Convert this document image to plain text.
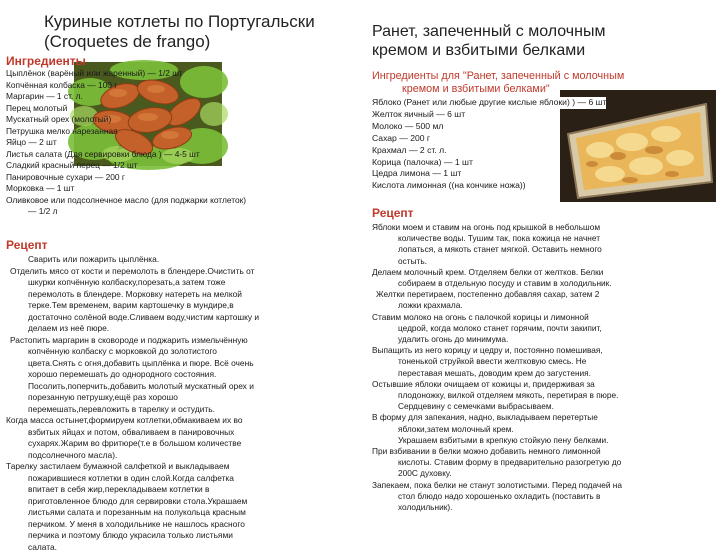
Куриные котлеты по Португальски
(Croquetes de frango)
Ингредиенты
Цыплёнок (варёный или жаренный) — 1/2 шт
Копчённая колбаска — 100 г
Маргарин — 1 ст. л.
Перец молотый
Мускатный орех (молотый)
Петрушка мелко нарезанная
Яйцо — 2 шт
Листья салата (Для сервировки блюда ) — 4-5 шт
Сладкий красный перец — 1/2 шт
Панировочные сухари — 200 г
Морковка — 1 шт
Оливковое или подсолнечное масло (для поджарки котлеток)
— 1/2 л
Рецепт
Сварить или пожарить цыплёнка.
Отделить мясо от кости и перемолоть в блендере.Очистить от
шкурки копчённую колбаску,порезать,а затем тоже
перемолоть в блендере. Морковку натереть на мелкой
терке.Тем временем, варим картошечку в мундире,в
достаточно солёной воде.Сливаем воду,чистим картошку и
делаем из неё пюре.
Растопить маргарин в сковороде и поджарить измельчённую
копчённую колбаску с морковкой до золотистого
цвета.Снять с огня,добавить цыплёнка и пюре. Всё очень
хорошо перемешать до однородного состояния.
Посолить,поперчить,добавить молотый мускатный орех и
порезанную петрушку,ещё раз хорошо
перемешать,перевложить в тарелку и остудить.
Когда масса остынет,формируем котлетки,обмакиваем их во
взбитых яйцах и потом, обваливаем в панировочных
сухарях.Жарим во фритюре(т.е в большом количестве
подсолнечного масла).
Тарелку застилаем бумажной салфеткой и выкладываем
пожарившиеся котлетки в один слой.Когда салфетка
впитает в себя жир,перекладываем котлетки в
приготовленное блюдо для сервировки стола.Украшаем
листьями салата и порезанным на полукольца красным
перчиком. У меня в холодильнике не нашлось красного
перчика и поэтому блюдо украсила только листьями
салата.
Ранет, запеченный с молочным
кремом и взбитыми белками
Ингредиенты для "Ранет, запеченный с молочным
кремом и взбитыми белками"
Яблоко (Ранет или любые другие кислые яблоки) ) — 6 шт
Желток яичный — 6 шт
Молоко — 500 мл
Сахар — 200 г
Крахмал — 2 ст. л.
Корица (палочка) — 1 шт
Цедра лимона — 1 шт
Кислота лимонная ((на кончике ножа))
Рецепт
Яблоки моем и ставим на огонь под крышкой в небольшом
количестве воды. Тушим так, пока кожица не начнет
лопаться, а мякоть станет мягкой. Оставить немного
остыть.
Делаем молочный крем. Отделяем белки от желтков. Белки
собираем в отдельную посуду и ставим в холодильник.
Желтки перетираем, постепенно добавляя сахар, затем 2
ложки крахмала.
Ставим молоко на огонь с палочкой корицы и лимонной
цедрой, когда молоко станет горячим, почти закипит,
удалить огонь до минимума.
Выпащить из него корицу и цедру и, постоянно помешивая,
тоненькой струйкой ввести желтковую смесь. Не
переставая мешать, доводим крем до загустения.
Остывшие яблоки очищаем от кожицы и, придерживая за
плодоножку, вилкой отделяем мякоть, перетирая в пюре.
Сердцевину с семечками выбрасываем.
В форму для запекания, надно, выкладываем перетертые
яблоки,затем молочный крем.
Украшаем взбитыми в крепкую стойкую пену белками.
При взбивании в белки можно добавить немного лимонной
кислоты. Ставим форму в предварительно разогретую до
200С духовку.
Запекаем, пока белки не станут золотистыми. Перед подачей на
стол блюдо надо хорошенько охладить (поставить в
холодильник).
